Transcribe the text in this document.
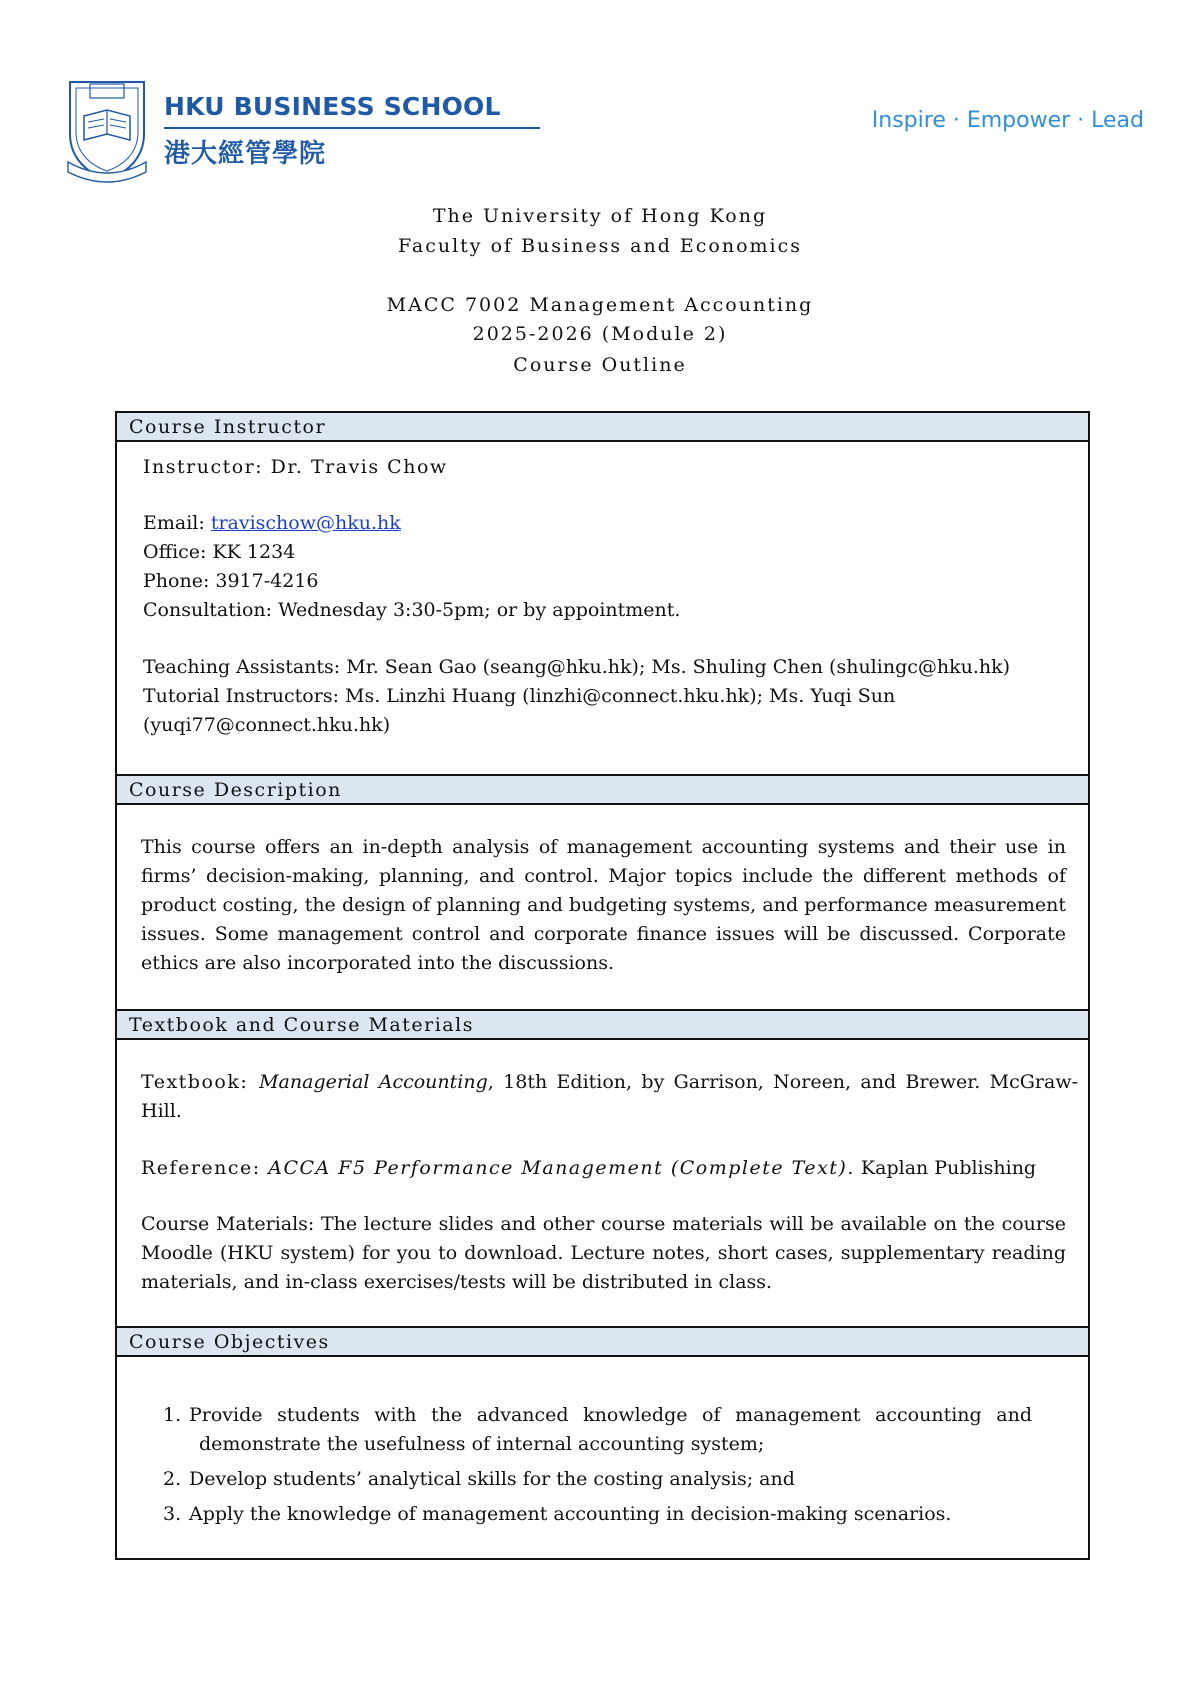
HKU BUSINESS SCHOOL
港大經管學院
Inspire · Empower · Lead
The University of Hong Kong
Faculty of Business and Economics
MACC 7002 Management Accounting
2025-2026 (Module 2)
Course Outline
Course Instructor
Instructor: Dr. Travis Chow
Email: travischow@hku.hk
Office: KK 1234
Phone: 3917-4216
Consultation: Wednesday 3:30-5pm; or by appointment.
Teaching Assistants: Mr. Sean Gao (seang@hku.hk); Ms. Shuling Chen (shulingc@hku.hk)
Tutorial Instructors: Ms. Linzhi Huang (linzhi@connect.hku.hk); Ms. Yuqi Sun
(yuqi77@connect.hku.hk)
Course Description
This course offers an in-depth analysis of management accounting systems and their use in
firms’ decision-making, planning, and control. Major topics include the different methods of
product costing, the design of planning and budgeting systems, and performance measurement
issues. Some management control and corporate finance issues will be discussed. Corporate
ethics are also incorporated into the discussions.
Textbook and Course Materials
Textbook: Managerial Accounting, 18th Edition, by Garrison, Noreen, and Brewer. McGraw-
Hill.
Reference: ACCA F5 Performance Management (Complete Text). Kaplan Publishing
Course Materials: The lecture slides and other course materials will be available on the course
Moodle (HKU system) for you to download. Lecture notes, short cases, supplementary reading
materials, and in-class exercises/tests will be distributed in class.
Course Objectives
1. Provide students with the advanced knowledge of management accounting and
demonstrate the usefulness of internal accounting system;
2. Develop students’ analytical skills for the costing analysis; and
3. Apply the knowledge of management accounting in decision-making scenarios.
